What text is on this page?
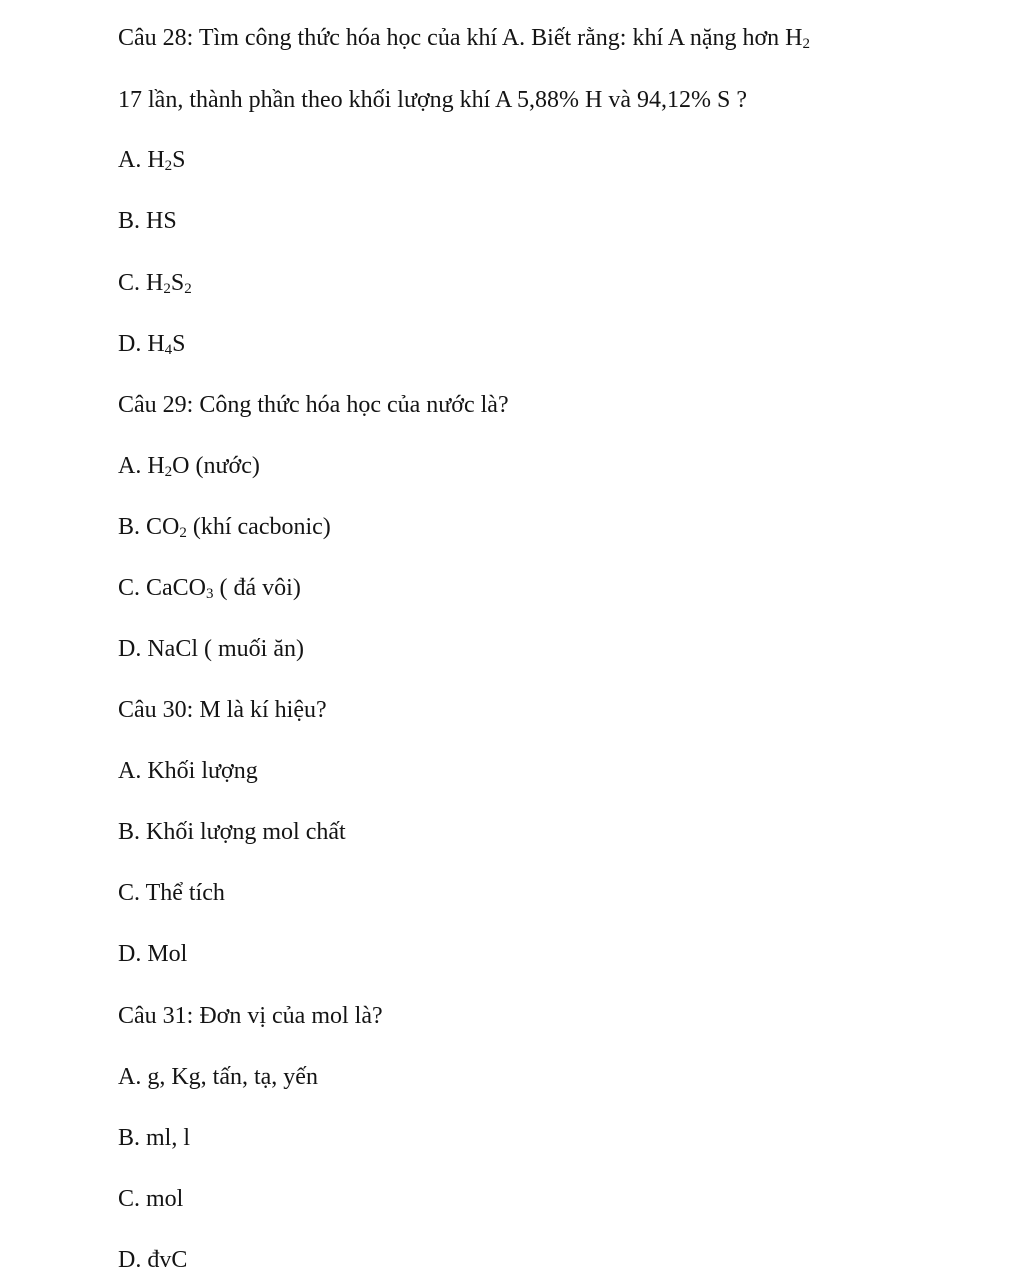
Câu 28: Tìm công thức hóa học của khí A. Biết rằng: khí A nặng hơn $H_2$
17 lần, thành phần theo khối lượng khí A 5,88% H và 94,12% S ?
A. $H_2S$
B. HS
C. $H_2S_2$
D. $H_4S$
Câu 29: Công thức hóa học của nước là?
A. $H_2O$ (nước)
B. $CO_2$ (khí cacbonic)
C. CaCO$_3$ ( đá vôi)
D. NaCl ( muối ăn)
Câu 30: M là kí hiệu?
A. Khối lượng
B. Khối lượng mol chất
C. Thể tích
D. Mol
Câu 31: Đơn vị của mol là?
A. g, Kg, tấn, tạ, yến
B. ml, l
C. mol
D. đvC
